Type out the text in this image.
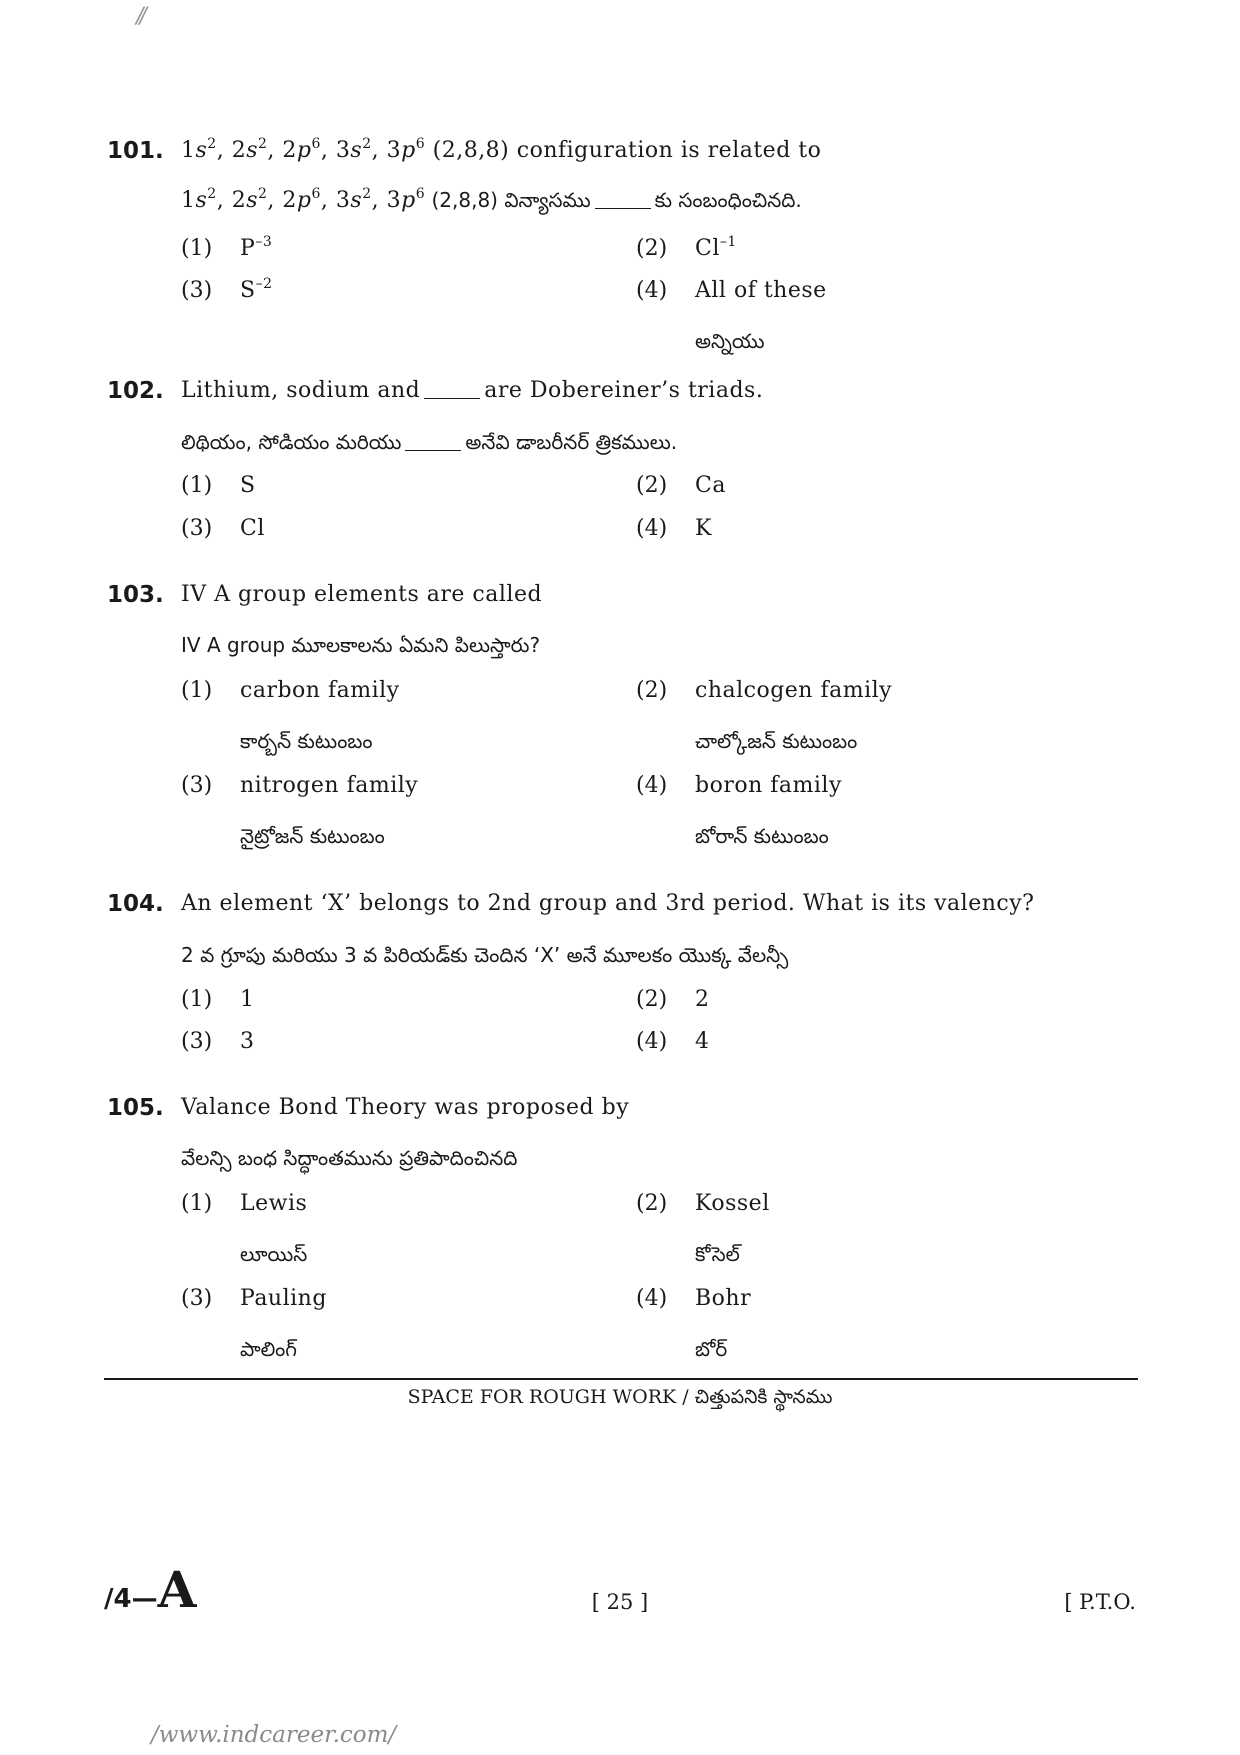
//
101. $1s^2$, $2s^2$, $2p^6$, $3s^2$, $3p^6$ (2,8,8) configuration is related to
$1s^2$, $2s^2$, $2p^6$, $3s^2$, $3p^6$ (2,8,8) విన్యాసము	కు సంబంధించినది.
(1) $P^{-3}$	(2) $Cl^{-1}$
(3) $S^{-2}$	(4) All of these
అన్నియు
102. Lithium, sodium and	are Dobereiner’s triads.
లిథియం, సోడియం మరియు	అనేవి డాబరీనర్ త్రికములు.
(1) S	(2) Ca
(3) Cl	(4) K
103. IV A group elements are called
IV A group మూలకాలను ఏమని పిలుస్తారు?
(1) carbon family	(2) chalcogen family
కార్బన్ కుటుంబం	చాల్కోజన్ కుటుంబం
(3) nitrogen family	(4) boron family
నైట్రోజన్ కుటుంబం	బోరాన్ కుటుంబం
104. An element ‘X’ belongs to 2nd group and 3rd period. What is its valency?
2 వ గ్రూపు మరియు 3 వ పిరియడ్‌కు చెందిన ‘X’ అనే మూలకం యొక్క వేలన్సీ
(1) 1	(2) 2
(3) 3	(4) 4
105. Valance Bond Theory was proposed by
వేలన్సి బంధ సిద్ధాంతమును ప్రతిపాదించినది
(1) Lewis	(2) Kossel
లూయిస్	కోసెల్
(3) Pauling	(4) Bohr
పాలింగ్	బోర్
SPACE FOR ROUGH WORK / చిత్తుపనికి స్థానము
/4—A	[ 25 ]	[ P.T.O.
/www.indcareer.com/
